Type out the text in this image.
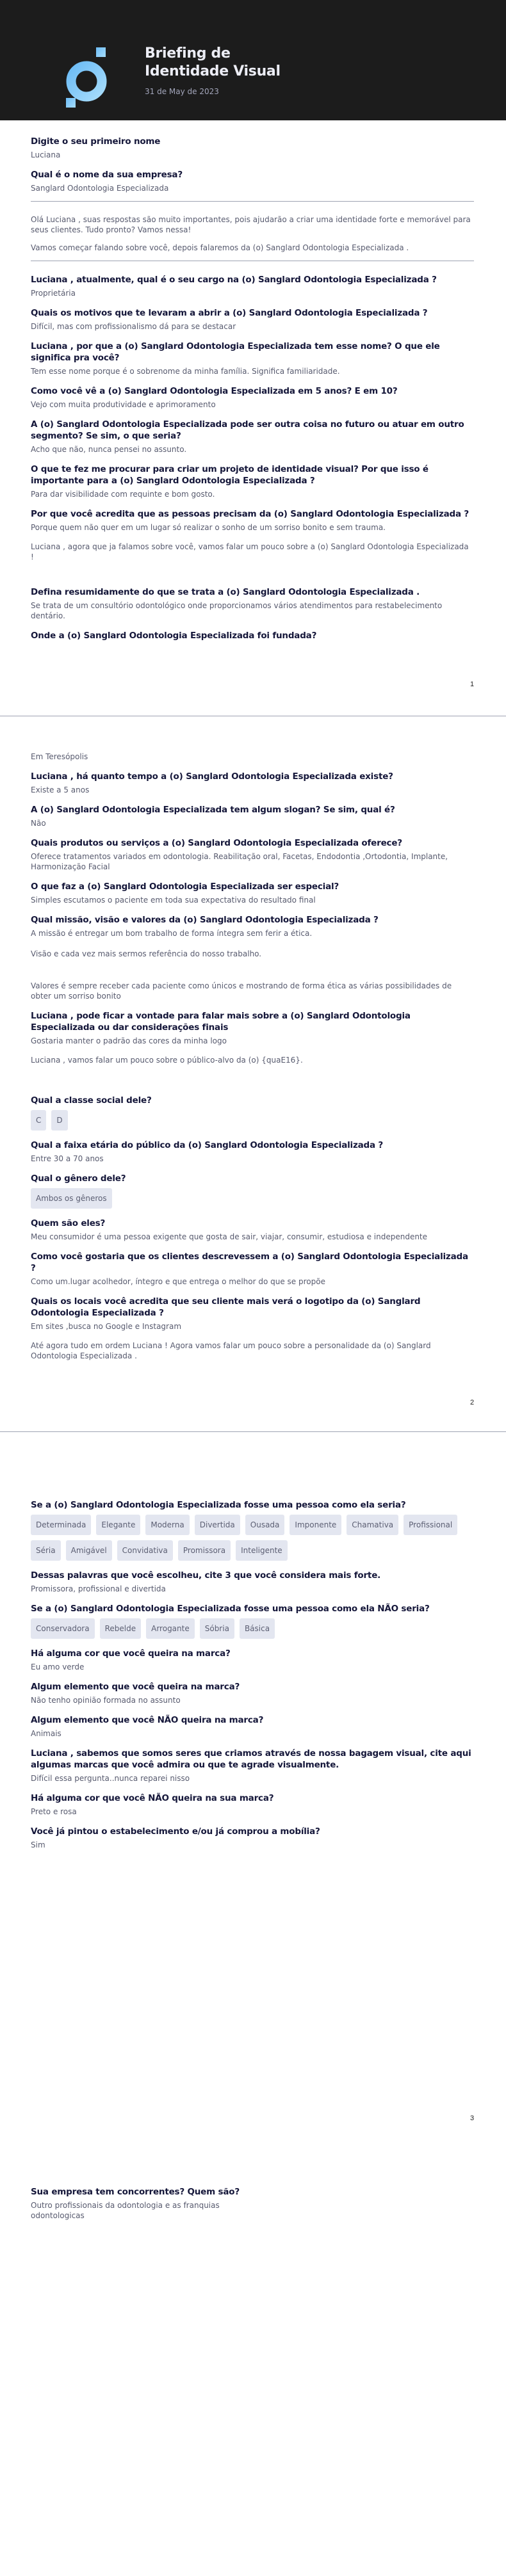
Briefing de
Identidade Visual
31 de May de 2023
Digite o seu primeiro nome
Luciana
Qual é o nome da sua empresa?
Sanglard Odontologia Especializada
Olá Luciana , suas respostas são muito importantes, pois ajudarão a criar uma identidade forte e memorável para seus clientes. Tudo pronto? Vamos nessa!
Vamos começar falando sobre você, depois falaremos da (o) Sanglard Odontologia Especializada .
Luciana , atualmente, qual é o seu cargo na (o) Sanglard Odontologia Especializada ?
Proprietária
Quais os motivos que te levaram a abrir a (o) Sanglard Odontologia Especializada ?
Difícil, mas com profissionalismo dá para se destacar
Luciana , por que a (o) Sanglard Odontologia Especializada tem esse nome? O que ele significa pra você?
Tem esse nome porque é o sobrenome da minha família. Significa familiaridade.
Como você vê a (o) Sanglard Odontologia Especializada em 5 anos? E em 10?
Vejo com muita produtividade e aprimoramento
A (o) Sanglard Odontologia Especializada pode ser outra coisa no futuro ou atuar em outro segmento? Se sim, o que seria?
Acho que não, nunca pensei no assunto.
O que te fez me procurar para criar um projeto de identidade visual? Por que isso é importante para a (o) Sanglard Odontologia Especializada ?
Para dar visibilidade com requinte e bom gosto.
Por que você acredita que as pessoas precisam da (o) Sanglard Odontologia Especializada ?
Porque quem não quer em um lugar só realizar o sonho de um sorriso bonito e sem trauma.
Luciana , agora que ja falamos sobre você, vamos falar um pouco sobre a (o) Sanglard Odontologia Especializada !
Defina resumidamente do que se trata a (o) Sanglard Odontologia Especializada .
Se trata de um consultório odontológico onde proporcionamos vários atendimentos para restabelecimento dentário.
Onde a (o) Sanglard Odontologia Especializada foi fundada?
1
Em Teresópolis
Luciana , há quanto tempo a (o) Sanglard Odontologia Especializada existe?
Existe a 5 anos
A (o) Sanglard Odontologia Especializada tem algum slogan? Se sim, qual é?
Não
Quais produtos ou serviços a (o) Sanglard Odontologia Especializada oferece?
Oferece tratamentos variados em odontologia. Reabilitação oral, Facetas, Endodontia ,Ortodontia, Implante, Harmonização Facial
O que faz a (o) Sanglard Odontologia Especializada ser especial?
Simples escutamos o paciente em toda sua expectativa do resultado final
Qual missão, visão e valores da (o) Sanglard Odontologia Especializada ?
A missão é entregar um bom trabalho de forma íntegra sem ferir a ética.
Visão e cada vez mais sermos referência do nosso trabalho.
Valores é sempre receber cada paciente como únicos e mostrando de forma ética as várias possibilidades de obter um sorriso bonito
Luciana , pode ficar a vontade para falar mais sobre a (o) Sanglard Odontologia Especializada ou dar considerações finais
Gostaria manter o padrão das cores da minha logo
Luciana , vamos falar um pouco sobre o público-alvo da (o) {quaE16}.
Qual a classe social dele?
C	D
Qual a faixa etária do público da (o) Sanglard Odontologia Especializada ?
Entre 30 a 70 anos
Qual o gênero dele?
Ambos os gêneros
Quem são eles?
Meu consumidor é uma pessoa exigente que gosta de sair, viajar, consumir, estudiosa e independente
Como você gostaria que os clientes descrevessem a (o) Sanglard Odontologia Especializada ?
Como um.lugar acolhedor, íntegro e que entrega o melhor do que se propõe
Quais os locais você acredita que seu cliente mais verá o logotipo da (o) Sanglard Odontologia Especializada ?
Em sites ,busca no Google e Instagram
Até agora tudo em ordem Luciana ! Agora vamos falar um pouco sobre a personalidade da (o) Sanglard Odontologia Especializada .
2
Se a (o) Sanglard Odontologia Especializada fosse uma pessoa como ela seria?
Determinada	Elegante	Moderna	Divertida	Ousada	Imponente	Chamativa	Profissional
Séria	Amigável	Convidativa	Promissora	Inteligente
Dessas palavras que você escolheu, cite 3 que você considera mais forte.
Promissora, profissional e divertida
Se a (o) Sanglard Odontologia Especializada fosse uma pessoa como ela NÃO seria?
Conservadora	Rebelde	Arrogante	Sóbria	Básica
Há alguma cor que você queira na marca?
Eu amo verde
Algum elemento que você queira na marca?
Não tenho opinião formada no assunto
Algum elemento que você NÃO queira na marca?
Animais
Luciana , sabemos que somos seres que criamos através de nossa bagagem visual, cite aqui algumas marcas que você admira ou que te agrade visualmente.
Difícil essa pergunta..nunca reparei nisso
Há alguma cor que você NÃO queira na sua marca?
Preto e rosa
Você já pintou o estabelecimento e/ou já comprou a mobília?
Sim
3
Sua empresa tem concorrentes? Quem são?
Outro profissionais da odontologia e as franquias odontologicas
